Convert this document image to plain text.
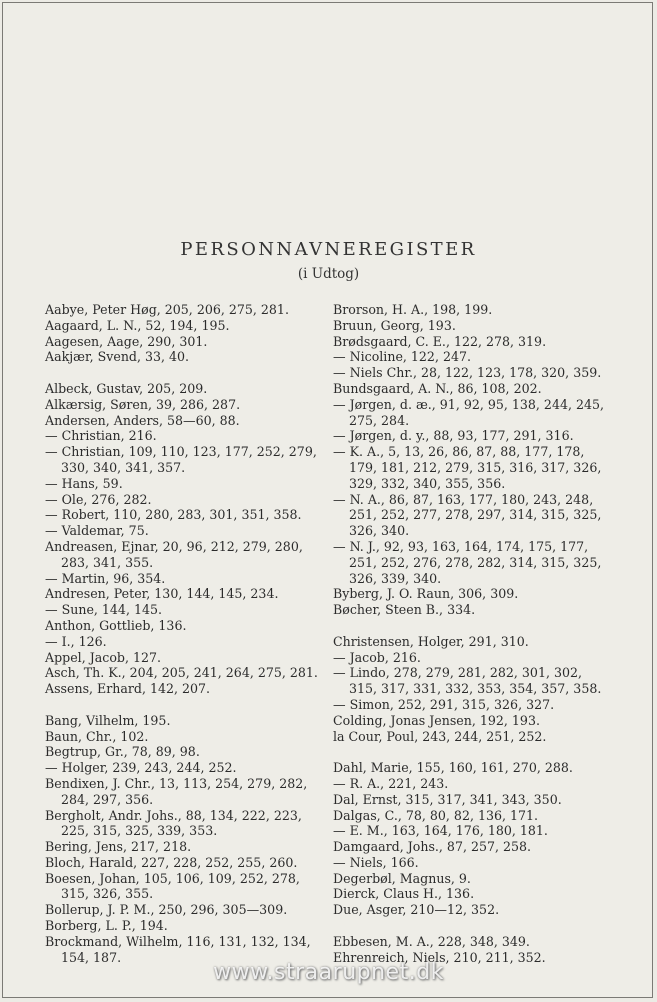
PERSONNAVNEREGISTER
(i Udtog)
Aabye, Peter Høg, 205, 206, 275, 281.
Aagaard, L. N., 52, 194, 195.
Aagesen, Aage, 290, 301.
Aakjær, Svend, 33, 40.
Albeck, Gustav, 205, 209.
Alkærsig, Søren, 39, 286, 287.
Andersen, Anders, 58—60, 88.
— Christian, 216.
— Christian, 109, 110, 123, 177, 252, 279,
330, 340, 341, 357.
— Hans, 59.
— Ole, 276, 282.
— Robert, 110, 280, 283, 301, 351, 358.
— Valdemar, 75.
Andreasen, Ejnar, 20, 96, 212, 279, 280,
283, 341, 355.
— Martin, 96, 354.
Andresen, Peter, 130, 144, 145, 234.
— Sune, 144, 145.
Anthon, Gottlieb, 136.
— I., 126.
Appel, Jacob, 127.
Asch, Th. K., 204, 205, 241, 264, 275, 281.
Assens, Erhard, 142, 207.
Bang, Vilhelm, 195.
Baun, Chr., 102.
Begtrup, Gr., 78, 89, 98.
— Holger, 239, 243, 244, 252.
Bendixen, J. Chr., 13, 113, 254, 279, 282,
284, 297, 356.
Bergholt, Andr. Johs., 88, 134, 222, 223,
225, 315, 325, 339, 353.
Bering, Jens, 217, 218.
Bloch, Harald, 227, 228, 252, 255, 260.
Boesen, Johan, 105, 106, 109, 252, 278,
315, 326, 355.
Bollerup, J. P. M., 250, 296, 305—309.
Borberg, L. P., 194.
Brockmand, Wilhelm, 116, 131, 132, 134,
154, 187.
Brorson, H. A., 198, 199.
Bruun, Georg, 193.
Brødsgaard, C. E., 122, 278, 319.
— Nicoline, 122, 247.
— Niels Chr., 28, 122, 123, 178, 320, 359.
Bundsgaard, A. N., 86, 108, 202.
— Jørgen, d. æ., 91, 92, 95, 138, 244, 245,
275, 284.
— Jørgen, d. y., 88, 93, 177, 291, 316.
— K. A., 5, 13, 26, 86, 87, 88, 177, 178,
179, 181, 212, 279, 315, 316, 317, 326,
329, 332, 340, 355, 356.
— N. A., 86, 87, 163, 177, 180, 243, 248,
251, 252, 277, 278, 297, 314, 315, 325,
326, 340.
— N. J., 92, 93, 163, 164, 174, 175, 177,
251, 252, 276, 278, 282, 314, 315, 325,
326, 339, 340.
Byberg, J. O. Raun, 306, 309.
Bøcher, Steen B., 334.
Christensen, Holger, 291, 310.
— Jacob, 216.
— Lindo, 278, 279, 281, 282, 301, 302,
315, 317, 331, 332, 353, 354, 357, 358.
— Simon, 252, 291, 315, 326, 327.
Colding, Jonas Jensen, 192, 193.
la Cour, Poul, 243, 244, 251, 252.
Dahl, Marie, 155, 160, 161, 270, 288.
— R. A., 221, 243.
Dal, Ernst, 315, 317, 341, 343, 350.
Dalgas, C., 78, 80, 82, 136, 171.
— E. M., 163, 164, 176, 180, 181.
Damgaard, Johs., 87, 257, 258.
— Niels, 166.
Degerbøl, Magnus, 9.
Dierck, Claus H., 136.
Due, Asger, 210—12, 352.
Ebbesen, M. A., 228, 348, 349.
Ehrenreich, Niels, 210, 211, 352.
www.straarupnet.dk
